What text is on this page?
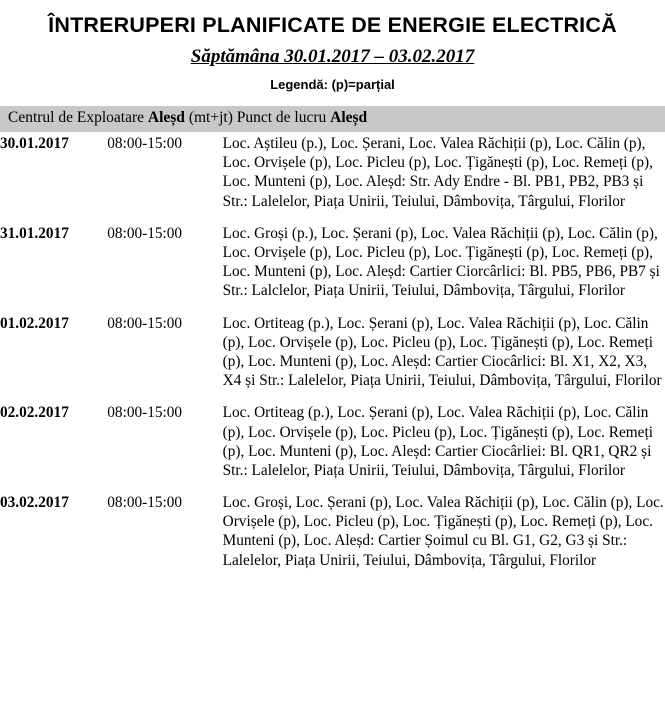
ÎNTRERUPERI PLANIFICATE DE ENERGIE ELECTRICĂ
Săptămâna 30.01.2017 – 03.02.2017
Legendă: (p)=parțial
Centrul de Exploatare Aleșd (mt+jt) Punct de lucru Aleșd
30.01.2017	08:00-15:00	Loc. Aștileu (p.), Loc. Șerani, Loc. Valea Răchiții (p), Loc. Călin (p), Loc. Orvișele (p), Loc. Picleu (p), Loc. Țigănești (p), Loc. Remeți (p), Loc. Munteni (p), Loc. Aleșd: Str. Ady Endre - Bl. PB1, PB2, PB3 și Str.: Lalelelor, Piața Unirii, Teiului, Dâmbovița, Târgului, Florilor

31.01.2017	08:00-15:00	Loc. Groși (p.), Loc. Șerani (p), Loc. Valea Răchiții (p), Loc. Călin (p), Loc. Orvișele (p), Loc. Picleu (p), Loc. Țigănești (p), Loc. Remeți (p), Loc. Munteni (p), Loc. Aleșd: Cartier Ciorcârlici: Bl. PB5, PB6, PB7 și Str.: Lalclelor, Piața Unirii, Teiului, Dâmbovița, Târgului, Florilor

01.02.2017	08:00-15:00	Loc. Ortiteag (p.), Loc. Șerani (p), Loc. Valea Răchiții (p), Loc. Călin (p), Loc. Orvișele (p), Loc. Picleu (p), Loc. Țigănești (p), Loc. Remeți (p), Loc. Munteni (p), Loc. Aleșd: Cartier Ciocârlici: Bl. X1, X2, X3, X4 și Str.: Lalelelor, Piața Unirii, Teiului, Dâmbovița, Târgului, Florilor

02.02.2017	08:00-15:00	Loc. Ortiteag (p.), Loc. Șerani (p), Loc. Valea Răchiții (p), Loc. Călin (p), Loc. Orvișele (p), Loc. Picleu (p), Loc. Țigănești (p), Loc. Remeți (p), Loc. Munteni (p), Loc. Aleșd: Cartier Ciocârliei: Bl. QR1, QR2 și Str.: Lalelelor, Piața Unirii, Teiului, Dâmbovița, Târgului, Florilor

03.02.2017	08:00-15:00	Loc. Groși, Loc. Șerani (p), Loc. Valea Răchiții (p), Loc. Călin (p), Loc. Orvișele (p), Loc. Picleu (p), Loc. Țigănești (p), Loc. Remeți (p), Loc. Munteni (p), Loc. Aleșd: Cartier Șoimul cu Bl. G1, G2, G3 și Str.: Lalelelor, Piața Unirii, Teiului, Dâmbovița, Târgului, Florilor
